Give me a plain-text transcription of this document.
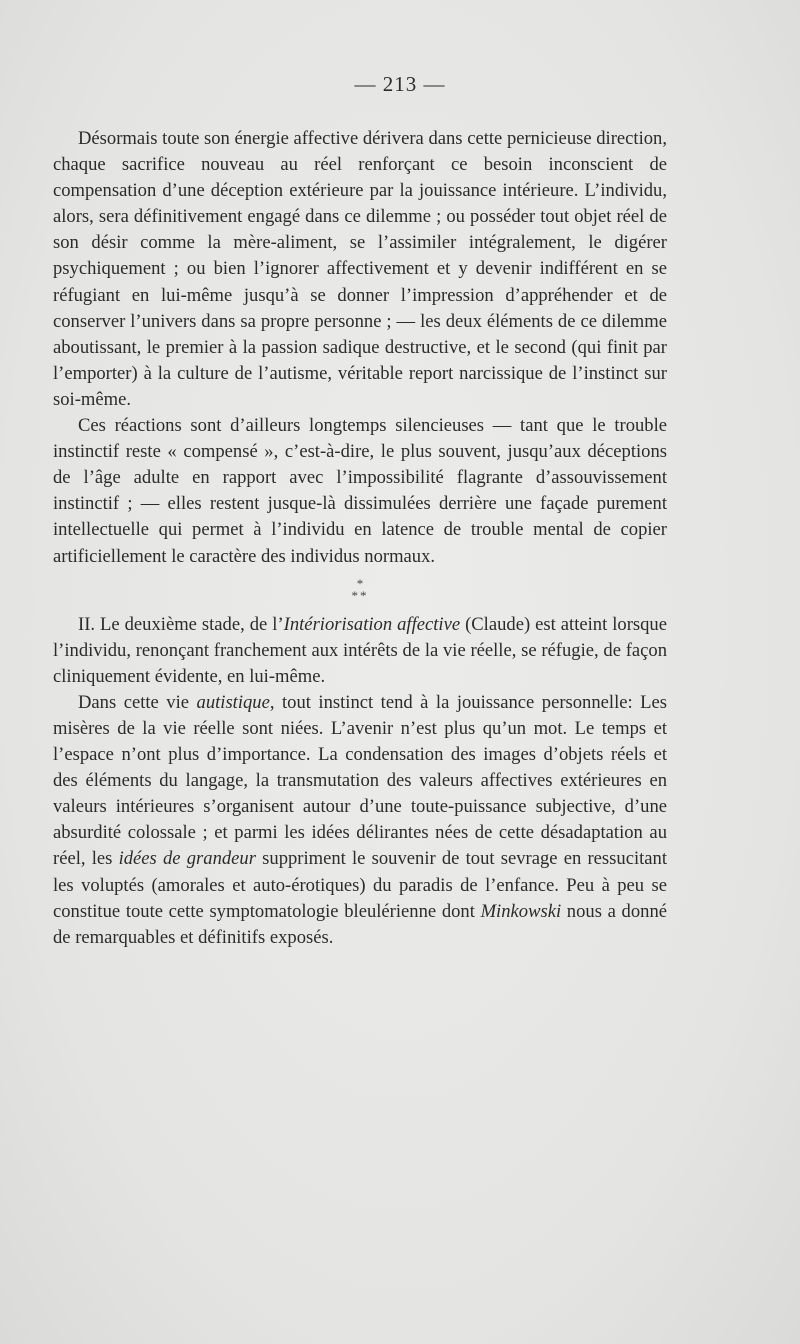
— 213 —

Désormais toute son énergie affective dérivera dans cette pernicieuse direction, chaque sacrifice nouveau au réel renforçant ce besoin inconscient de compensation d’une déception extérieure par la jouissance intérieure. L’individu, alors, sera définitivement engagé dans ce dilemme ; ou posséder tout objet réel de son désir comme la mère-aliment, se l’assimiler intégralement, le digérer psychiquement ; ou bien l’ignorer affectivement et y devenir indifférent en se réfugiant en lui-même jusqu’à se donner l’impression d’appréhender et de conserver l’univers dans sa propre personne ; — les deux éléments de ce dilemme aboutissant, le premier à la passion sadique destructive, et le second (qui finit par l’emporter) à la culture de l’autisme, véritable report narcissique de l’instinct sur soi-même.

Ces réactions sont d’ailleurs longtemps silencieuses — tant que le trouble instinctif reste « compensé », c’est-à-dire, le plus souvent, jusqu’aux déceptions de l’âge adulte en rapport avec l’impossibilité flagrante d’assouvissement instinctif ; — elles restent jusque-là dissimulées derrière une façade purement intellectuelle qui permet à l’individu en latence de trouble mental de copier artificiellement le caractère des individus normaux.

*
**

II. Le deuxième stade, de l’Intériorisation affective (Claude) est atteint lorsque l’individu, renonçant franchement aux intérêts de la vie réelle, se réfugie, de façon cliniquement évidente, en lui-même.

Dans cette vie autistique, tout instinct tend à la jouissance personnelle: Les misères de la vie réelle sont niées. L’avenir n’est plus qu’un mot. Le temps et l’espace n’ont plus d’importance. La condensation des images d’objets réels et des éléments du langage, la transmutation des valeurs affectives extérieures en valeurs intérieures s’organisent autour d’une toute-puissance subjective, d’une absurdité colossale ; et parmi les idées délirantes nées de cette désadaptation au réel, les idées de grandeur suppriment le souvenir de tout sevrage en ressucitant les voluptés (amorales et auto-érotiques) du paradis de l’enfance. Peu à peu se constitue toute cette symptomatologie bleulérienne dont Minkowski nous a donné de remarquables et définitifs exposés.
